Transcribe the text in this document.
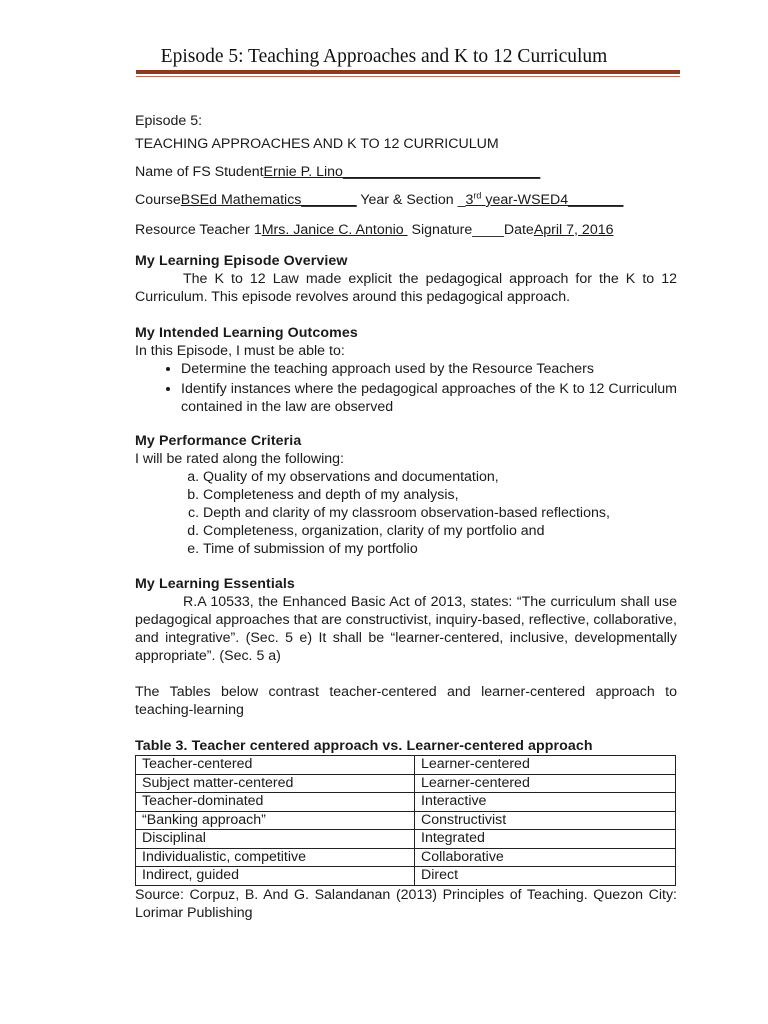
Episode 5: Teaching Approaches and K to 12 Curriculum

Episode 5:

TEACHING APPROACHES AND K TO 12 CURRICULUM

Name of FS StudentErnie P. Lino_________________________

CourseBSEd Mathematics_______ Year & Section _3rd year-WSED4_______

Resource Teacher 1Mrs. Janice C. Antonio  Signature____DateApril 7, 2016

My Learning Episode Overview

The K to 12 Law made explicit the pedagogical approach for the K to 12 Curriculum. This episode revolves around this pedagogical approach.

My Intended Learning Outcomes

In this Episode, I must be able to:

• Determine the teaching approach used by the Resource Teachers
• Identify instances where the pedagogical approaches of the K to 12 Curriculum contained in the law are observed

My Performance Criteria

I will be rated along the following:

a. Quality of my observations and documentation,
b. Completeness and depth of my analysis,
c. Depth and clarity of my classroom observation-based reflections,
d. Completeness, organization, clarity of my portfolio and
e. Time of submission of my portfolio

My Learning Essentials

R.A 10533, the Enhanced Basic Act of 2013, states: “The curriculum shall use pedagogical approaches that are constructivist, inquiry-based, reflective, collaborative, and integrative”. (Sec. 5 e) It shall be “learner-centered, inclusive, developmentally appropriate”. (Sec. 5 a)

The Tables below contrast teacher-centered and learner-centered approach to teaching-learning

Table 3. Teacher centered approach vs. Learner-centered approach

Teacher-centered	Learner-centered
Subject matter-centered	Learner-centered
Teacher-dominated	Interactive
“Banking approach”	Constructivist
Disciplinal	Integrated
Individualistic, competitive	Collaborative
Indirect, guided	Direct

Source: Corpuz, B. And G. Salandanan (2013) Principles of Teaching. Quezon City: Lorimar Publishing
